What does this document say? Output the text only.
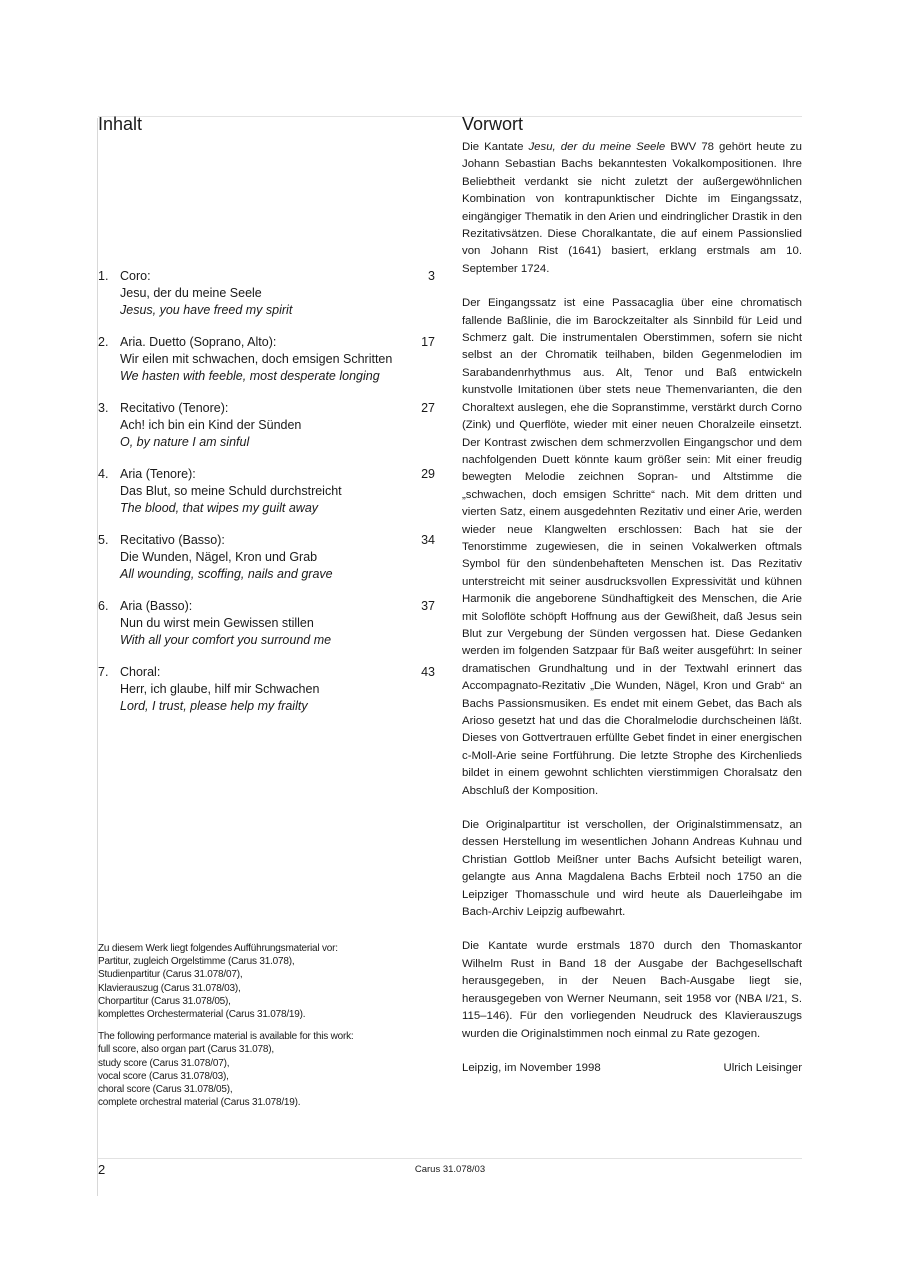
Inhalt	Vorwort
1.	3
Coro:
Jesu, der du meine Seele
Jesus, you have freed my spirit
2.	17
Aria. Duetto (Soprano, Alto):
Wir eilen mit schwachen, doch emsigen Schritten
We hasten with feeble, most desperate longing
3.	27
Recitativo (Tenore):
Ach! ich bin ein Kind der Sünden
O, by nature I am sinful
4.	29
Aria (Tenore):
Das Blut, so meine Schuld durchstreicht
The blood, that wipes my guilt away
5.	34
Recitativo (Basso):
Die Wunden, Nägel, Kron und Grab
All wounding, scoffing, nails and grave
6.	37
Aria (Basso):
Nun du wirst mein Gewissen stillen
With all your comfort you surround me
7.	43
Choral:
Herr, ich glaube, hilf mir Schwachen
Lord, I trust, please help my frailty
Zu diesem Werk liegt folgendes Aufführungsmaterial vor:
Partitur, zugleich Orgelstimme (Carus 31.078),
Studienpartitur (Carus 31.078/07),
Klavierauszug (Carus 31.078/03),
Chorpartitur (Carus 31.078/05),
komplettes Orchestermaterial (Carus 31.078/19).
The following performance material is available for this work:
full score, also organ part (Carus 31.078),
study score (Carus 31.078/07),
vocal score (Carus 31.078/03),
choral score (Carus 31.078/05),
complete orchestral material (Carus 31.078/19).

Die Kantate Jesu, der du meine Seele BWV 78 gehört heute zu Johann Sebastian Bachs bekanntesten Vokalkompositionen. Ihre Beliebtheit verdankt sie nicht zuletzt der außergewöhnlichen Kombination von kontrapunktischer Dichte im Eingangssatz, eingängiger Thematik in den Arien und eindringlicher Drastik in den Rezitativsätzen. Diese Choralkantate, die auf einem Passionslied von Johann Rist (1641) basiert, erklang erstmals am 10. September 1724.

Der Eingangssatz ist eine Passacaglia über eine chromatisch fallende Baßlinie, die im Barockzeitalter als Sinnbild für Leid und Schmerz galt. Die instrumentalen Oberstimmen, sofern sie nicht selbst an der Chromatik teilhaben, bilden Gegenmelodien im Sarabandenrhythmus aus. Alt, Tenor und Baß entwickeln kunstvolle Imitationen über stets neue Themenvarianten, die den Choraltext auslegen, ehe die Sopranstimme, verstärkt durch Corno (Zink) und Querflöte, wieder mit einer neuen Choralzeile einsetzt. Der Kontrast zwischen dem schmerzvollen Eingangschor und dem nachfolgenden Duett könnte kaum größer sein: Mit einer freudig bewegten Melodie zeichnen Sopran- und Altstimme die „schwachen, doch emsigen Schritte“ nach. Mit dem dritten und vierten Satz, einem ausgedehnten Rezitativ und einer Arie, werden wieder neue Klangwelten erschlossen: Bach hat sie der Tenorstimme zugewiesen, die in seinen Vokalwerken oftmals Symbol für den sündenbehafteten Menschen ist. Das Rezitativ unterstreicht mit seiner ausdrucksvollen Expressivität und kühnen Harmonik die angeborene Sündhaftigkeit des Menschen, die Arie mit Soloflöte schöpft Hoffnung aus der Gewißheit, daß Jesus sein Blut zur Vergebung der Sünden vergossen hat. Diese Gedanken werden im folgenden Satzpaar für Baß weiter ausgeführt: In seiner dramatischen Grundhaltung und in der Textwahl erinnert das Accompagnato-Rezitativ „Die Wunden, Nägel, Kron und Grab“ an Bachs Passionsmusiken. Es endet mit einem Gebet, das Bach als Arioso gesetzt hat und das die Choralmelodie durchscheinen läßt. Dieses von Gottvertrauen erfüllte Gebet findet in einer energischen c-Moll-Arie seine Fortführung. Die letzte Strophe des Kirchenlieds bildet in einem gewohnt schlichten vierstimmigen Choralsatz den Abschluß der Komposition.

Die Originalpartitur ist verschollen, der Originalstimmensatz, an dessen Herstellung im wesentlichen Johann Andreas Kuhnau und Christian Gottlob Meißner unter Bachs Aufsicht beteiligt waren, gelangte aus Anna Magdalena Bachs Erbteil noch 1750 an die Leipziger Thomasschule und wird heute als Dauerleihgabe im Bach-Archiv Leipzig aufbewahrt.

Die Kantate wurde erstmals 1870 durch den Thomaskantor Wilhelm Rust in Band 18 der Ausgabe der Bachgesellschaft herausgegeben, in der Neuen Bach-Ausgabe liegt sie, herausgegeben von Werner Neumann, seit 1958 vor (NBA I/21, S. 115–146). Für den vorliegenden Neudruck des Klavierauszugs wurden die Originalstimmen noch einmal zu Rate gezogen.

Leipzig, im November 1998	Ulrich Leisinger
2	Carus 31.078/03
